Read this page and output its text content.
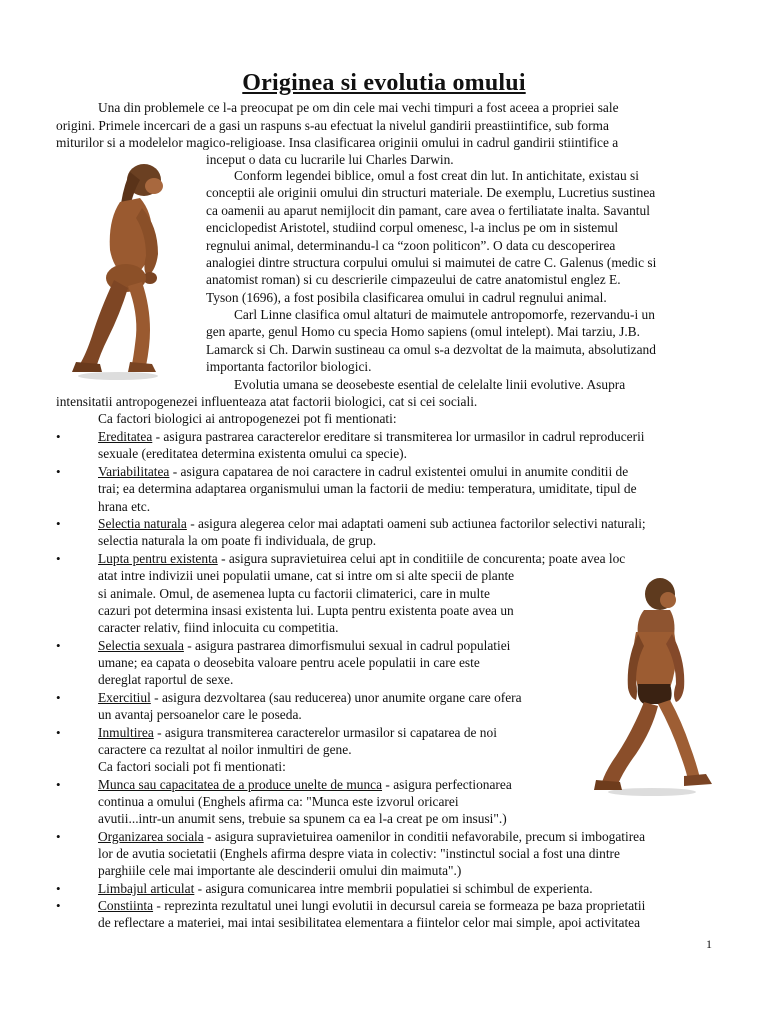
Originea si evolutia omului
Una din problemele ce l-a preocupat pe om din cele mai vechi timpuri a fost aceea a propriei sale
origini. Primele incercari de a gasi un raspuns s-au efectuat la nivelul gandirii preastiintifice, sub forma
miturilor si a modelelor magico-religioase. Insa clasificarea originii omului in cadrul gandirii stiintifice a
inceput o data cu lucrarile lui Charles Darwin.
Conform legendei biblice, omul a fost creat din lut. In antichitate, existau si
conceptii ale originii omului din structuri materiale. De exemplu, Lucretius sustinea
ca oamenii au aparut nemijlocit din pamant, care avea o fertiliatate inalta. Savantul
enciclopedist Aristotel, studiind corpul omenesc, l-a inclus pe om in sistemul
regnului animal, determinandu-l ca “zoon politicon”. O data cu descoperirea
analogiei dintre structura corpului omului si maimutei de catre C. Galenus (medic si
anatomist roman) si cu descrierile cimpazeului de catre anatomistul englez E.
Tyson (1696), a fost posibila clasificarea omului in cadrul regnului animal.
Carl Linne clasifica omul altaturi de maimutele antropomorfe, rezervandu-i un
gen aparte, genul Homo cu specia Homo sapiens (omul intelept). Mai tarziu, J.B.
Lamarck si Ch. Darwin sustineau ca omul s-a dezvoltat de la maimuta, absolutizand
importanta factorilor biologici.
Evolutia umana se deosebeste esential de celelalte linii evolutive. Asupra
intensitatii antropogenezei influenteaza atat factorii biologici, cat si cei sociali.
Ca factori biologici ai antropogenezei pot fi mentionati:
•	Ereditatea - asigura pastrarea caracterelor ereditare si transmiterea lor urmasilor in cadrul reproducerii
sexuale (ereditatea determina existenta omului ca specie).
•	Variabilitatea - asigura capatarea de noi caractere in cadrul existentei omului in anumite conditii de
trai; ea determina adaptarea organismului uman la factorii de mediu: temperatura, umiditate, tipul de
hrana etc.
•	Selectia naturala - asigura alegerea celor mai adaptati oameni sub actiunea factorilor selectivi naturali;
selectia naturala la om poate fi individuala, de grup.
•	Lupta pentru existenta - asigura supravietuirea celui apt in conditiile de concurenta; poate avea loc
atat intre indivizii unei populatii umane, cat si intre om si alte specii de plante
si animale. Omul, de asemenea lupta cu factorii climaterici, care in multe
cazuri pot determina insasi existenta lui. Lupta pentru existenta poate avea un
caracter relativ, fiind inlocuita cu competitia.
•	Selectia sexuala - asigura pastrarea dimorfismului sexual in cadrul populatiei
umane; ea capata o deosebita valoare pentru acele populatii in care este
dereglat raportul de sexe.
•	Exercitiul - asigura dezvoltarea (sau reducerea) unor anumite organe care ofera
un avantaj persoanelor care le poseda.
•	Inmultirea - asigura transmiterea caracterelor urmasilor si capatarea de noi
caractere ca rezultat al noilor inmultiri de gene.
Ca factori sociali pot fi mentionati:
•	Munca sau capacitatea de a produce unelte de munca - asigura perfectionarea
continua a omului (Enghels afirma ca: "Munca este izvorul oricarei
avutii...intr-un anumit sens, trebuie sa spunem ca ea l-a creat pe om insusi".)
•	Organizarea sociala - asigura supravietuirea oamenilor in conditii nefavorabile, precum si imbogatirea
lor de avutia societatii (Enghels afirma despre viata in colectiv: "instinctul social a fost una dintre
parghiile cele mai importante ale descinderii omului din maimuta".)
•	Limbajul articulat - asigura comunicarea intre membrii populatiei si schimbul de experienta.
•	Constiinta - reprezinta rezultatul unei lungi evolutii in decursul careia se formeaza pe baza proprietatii
de reflectare a materiei, mai intai sesibilitatea elementara a fiintelor celor mai simple, apoi activitatea
1
